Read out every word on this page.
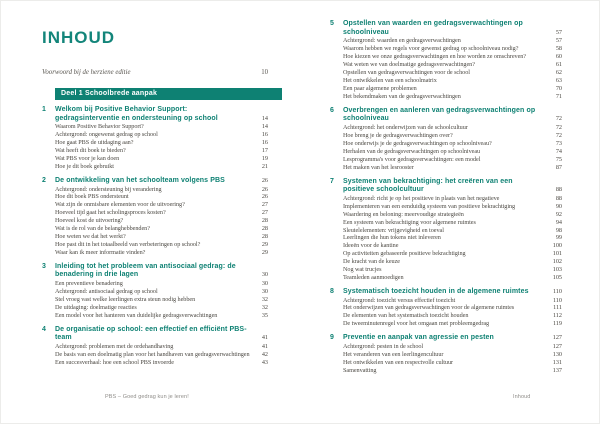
INHOUD
Voorwoord bij de herziene editie	10
Deel 1 Schoolbrede aanpak
1	Welkom bij Positive Behavior Support: gedragsinterventie en ondersteuning op school	14
Waarom Positive Behavior Support?	14
Achtergrond: ongewenst gedrag op school	16
Hoe gaat PBS de uitdaging aan?	16
Wat heeft dit boek te bieden?	17
Wat PBS voor je kan doen	19
Hoe je dit boek gebruikt	21
2	De ontwikkeling van het schoolteam volgens PBS	26
Achtergrond: ondersteuning bij verandering	26
Hoe dit boek PBS ondersteunt	26
Wat zijn de onmisbare elementen voor de uitvoering?	27
Hoeveel tijd gaat het scholingsproces kosten?	27
Hoeveel kost de uitvoering?	28
Wat is de rol van de belanghebbenden?	28
Hoe weten we dat het werkt?	28
Hoe past dit in het totaalbeeld van verbeteringen op school?	29
Waar kan ik meer informatie vinden?	29
3	Inleiding tot het probleem van antisociaal gedrag: de benadering in drie lagen	30
Een preventieve benadering	30
Achtergrond: antisociaal gedrag op school	30
Stel vroeg vast welke leerlingen extra steun nodig hebben	32
De uitdaging: doelmatige reacties	32
Een model voor het hanteren van duidelijke gedragsverwachtingen	35
4	De organisatie op school: een effectief en efficiënt PBS-team	41
Achtergrond: problemen met de ordehandhaving	41
De basis van een doelmatig plan voor het handhaven van gedragsverwachtingen	42
Een succesverhaal: hoe een school PBS invoerde	43
5	Opstellen van waarden en gedragsverwachtingen op schoolniveau	57
Achtergrond: waarden en gedragsverwachtingen	57
Waarom hebben we regels voor gewenst gedrag op schoolniveau nodig?	58
Hoe kiezen we onze gedragsverwachtingen en hoe worden ze omschreven?	60
Wat weten we van doelmatige gedragsverwachtingen?	61
Opstellen van gedragsverwachtingen voor de school	62
Het ontwikkelen van een schoolmatrix	63
Een paar algemene problemen	70
Het bekendmaken van de gedragsverwachtingen	71
6	Overbrengen en aanleren van gedragsverwachtingen op schoolniveau	72
Achtergrond: het onderwijzen van de schoolcultuur	72
Hoe breng je de gedragsverwachtingen over?	72
Hoe onderwijs je de gedragsverwachtingen op schoolniveau?	73
Herhalen van de gedragsverwachtingen op schoolniveau	74
Lesprogramma's voor gedragsverwachtingen: een model	75
Het maken van het lesrooster	87
7	Systemen van bekrachtiging: het creëren van een positieve schoolcultuur	88
Achtergrond: richt je op het positieve in plaats van het negatieve	88
Implementeren van een eenduidig systeem van positieve bekrachtiging	90
Waardering en beloning: meervoudige strategieën	92
Een systeem van bekrachtiging voor algemene ruimtes	94
Sleutelelementen: vrijgevigheid en toeval	98
Leerlingen die hun tokens niet inleveren	99
Ideeën voor de kantine	100
Op activiteiten gebaseerde positieve bekrachtiging	101
De kracht van de keuze	102
Nog wat trucjes	103
Teamleden aanmoedigen	105
8	Systematisch toezicht houden in de algemene ruimtes	110
Achtergrond: toezicht versus effectief toezicht	110
Het onderwijzen van gedragsverwachtingen voor de algemene ruimtes	111
De elementen van het systematisch toezicht houden	112
De tweeminutenregel voor het omgaan met probleemgedrag	119
9	Preventie en aanpak van agressie en pesten	127
Achtergrond: pesten in de school	127
Het veranderen van een leerlingencultuur	130
Het ontwikkelen van een respectvolle cultuur	131
Samenvatting	137
PBS – Goed gedrag kun je leren!	Inhoud
